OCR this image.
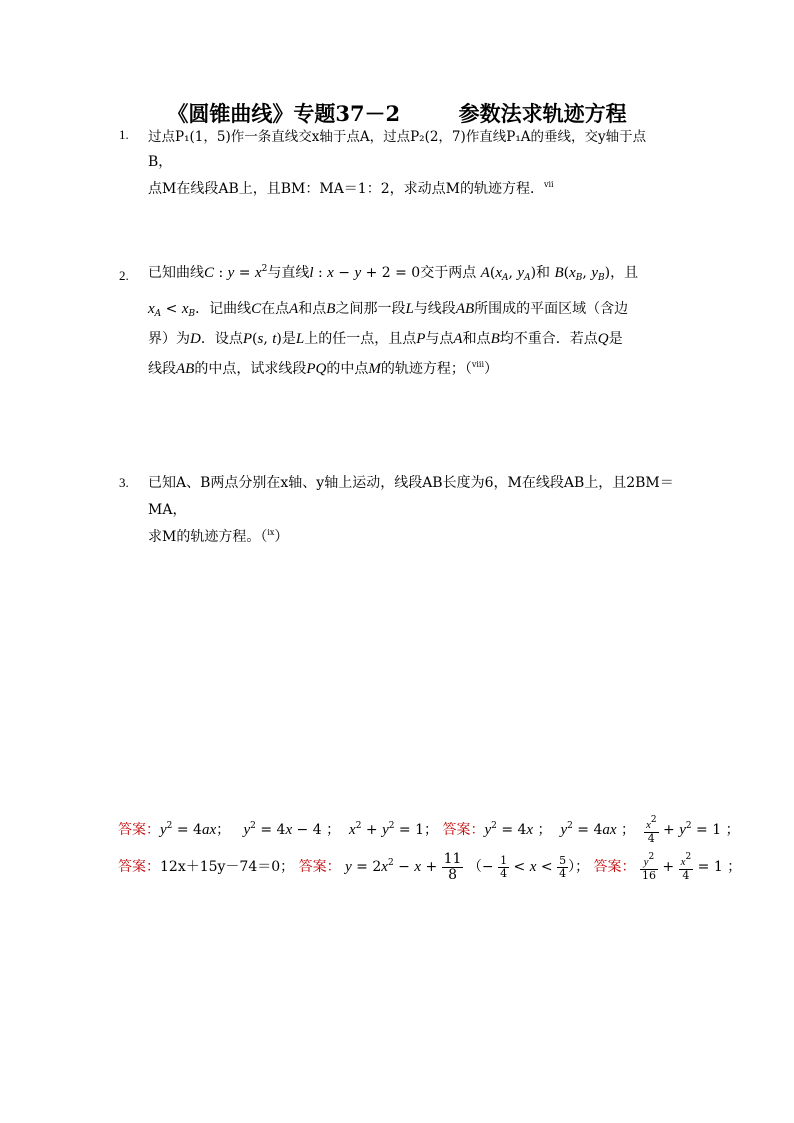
《圆锥曲线》专题37－2        参数法求轨迹方程
1. 过点P₁(1，5)作一条直线交x轴于点A，过点P₂(2，7)作直线P₁A的垂线，交y轴于点
B，
点M在线段AB上，且BM：MA＝1：2，求动点M的轨迹方程．$^{vii}$
2. 已知曲线C : $y = x^2$与直线l : x − y + 2 = 0交于两点 $A(x_A$, $y_A$)和 $B(x_B$, $y_B$)，且
$x_A < x_B$．记曲线C在点A和点B之间那一段L与线段AB所围成的平面区域（含边
界）为D．设点P(s, t)是L上的任一点，且点P与点A和点B均不重合．若点Q是
线段AB的中点，试求线段PQ的中点M的轨迹方程；（$^{viii}$）
3. 已知A、B两点分别在x轴、y轴上运动，线段AB长度为6，M在线段AB上，且2BM＝
MA，
求M的轨迹方程。（$^{ix}$）
答案：$y^2 = 4ax$； $y^2 = 4x - 4$ ； $x^2 + y^2 = 1$； 答案：$y^2 = 4x$ ； $y^2 = 4ax$ ； $\frac{x^2}{4} + y^2 = 1$ ；
答案：12x＋15y－74＝0； 答案： $y = 2x^2 - x + \frac{11}{8}$ （− $\frac{1}{4} < x < \frac{5}{4}$ ）； 答案： $\frac{y^2}{16} + \frac{x^2}{4} = 1$ ；
